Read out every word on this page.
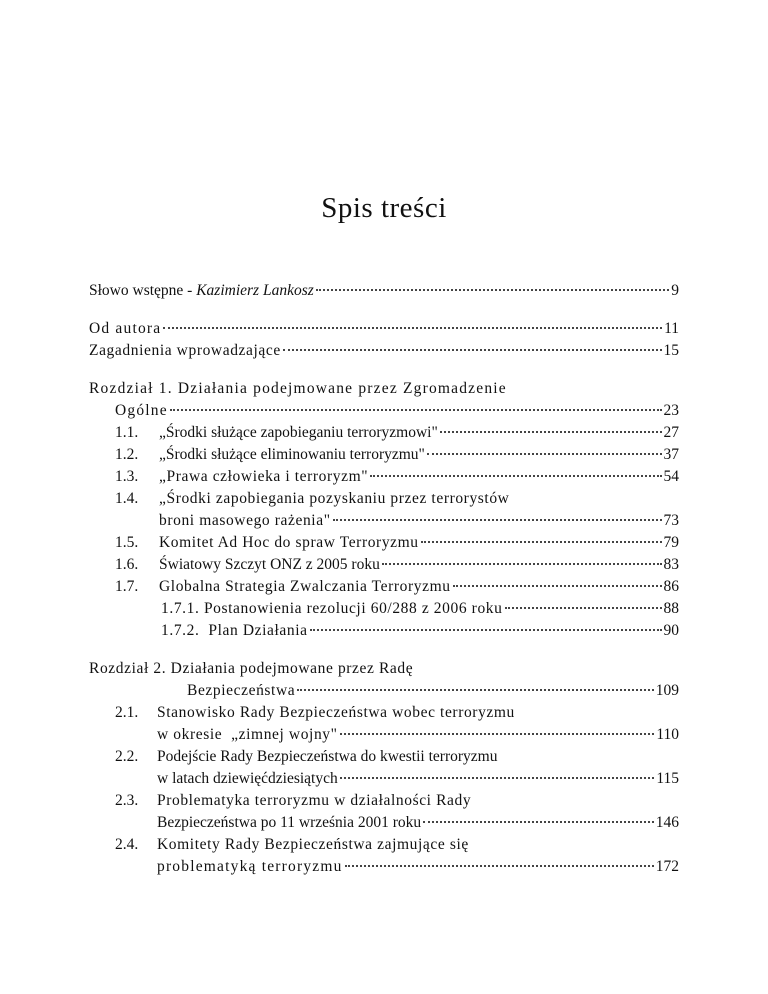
Spis treści
Słowo wstępne - Kazimierz Lankosz	9
Od autora	11
Zagadnienia wprowadzające	15
Rozdział 1. Działania podejmowane przez Zgromadzenie
Ogólne	23
1.1.	„Środki służące zapobieganiu terroryzmowi"	27
1.2.	„Środki służące eliminowaniu terroryzmu"	37
1.3.	„Prawa człowieka i terroryzm"	54
1.4.	„Środki zapobiegania pozyskaniu przez terrorystów
broni masowego rażenia"	73
1.5.	Komitet Ad Hoc do spraw Terroryzmu	79
1.6.	Światowy Szczyt ONZ z 2005 roku	83
1.7.	Globalna Strategia Zwalczania Terroryzmu	86
1.7.1. Postanowienia rezolucji 60/288 z 2006 roku	88
1.7.2.  Plan Działania	90
Rozdział 2. Działania podejmowane przez Radę
Bezpieczeństwa	109
2.1.	Stanowisko Rady Bezpieczeństwa wobec terroryzmu
w okresie  „zimnej wojny"	110
2.2.	Podejście Rady Bezpieczeństwa do kwestii terroryzmu
w latach dziewięćdziesiątych	115
2.3.	Problematyka terroryzmu w działalności Rady
Bezpieczeństwa po 11 września 2001 roku	146
2.4.	Komitety Rady Bezpieczeństwa zajmujące się
problematyką terroryzmu	172
